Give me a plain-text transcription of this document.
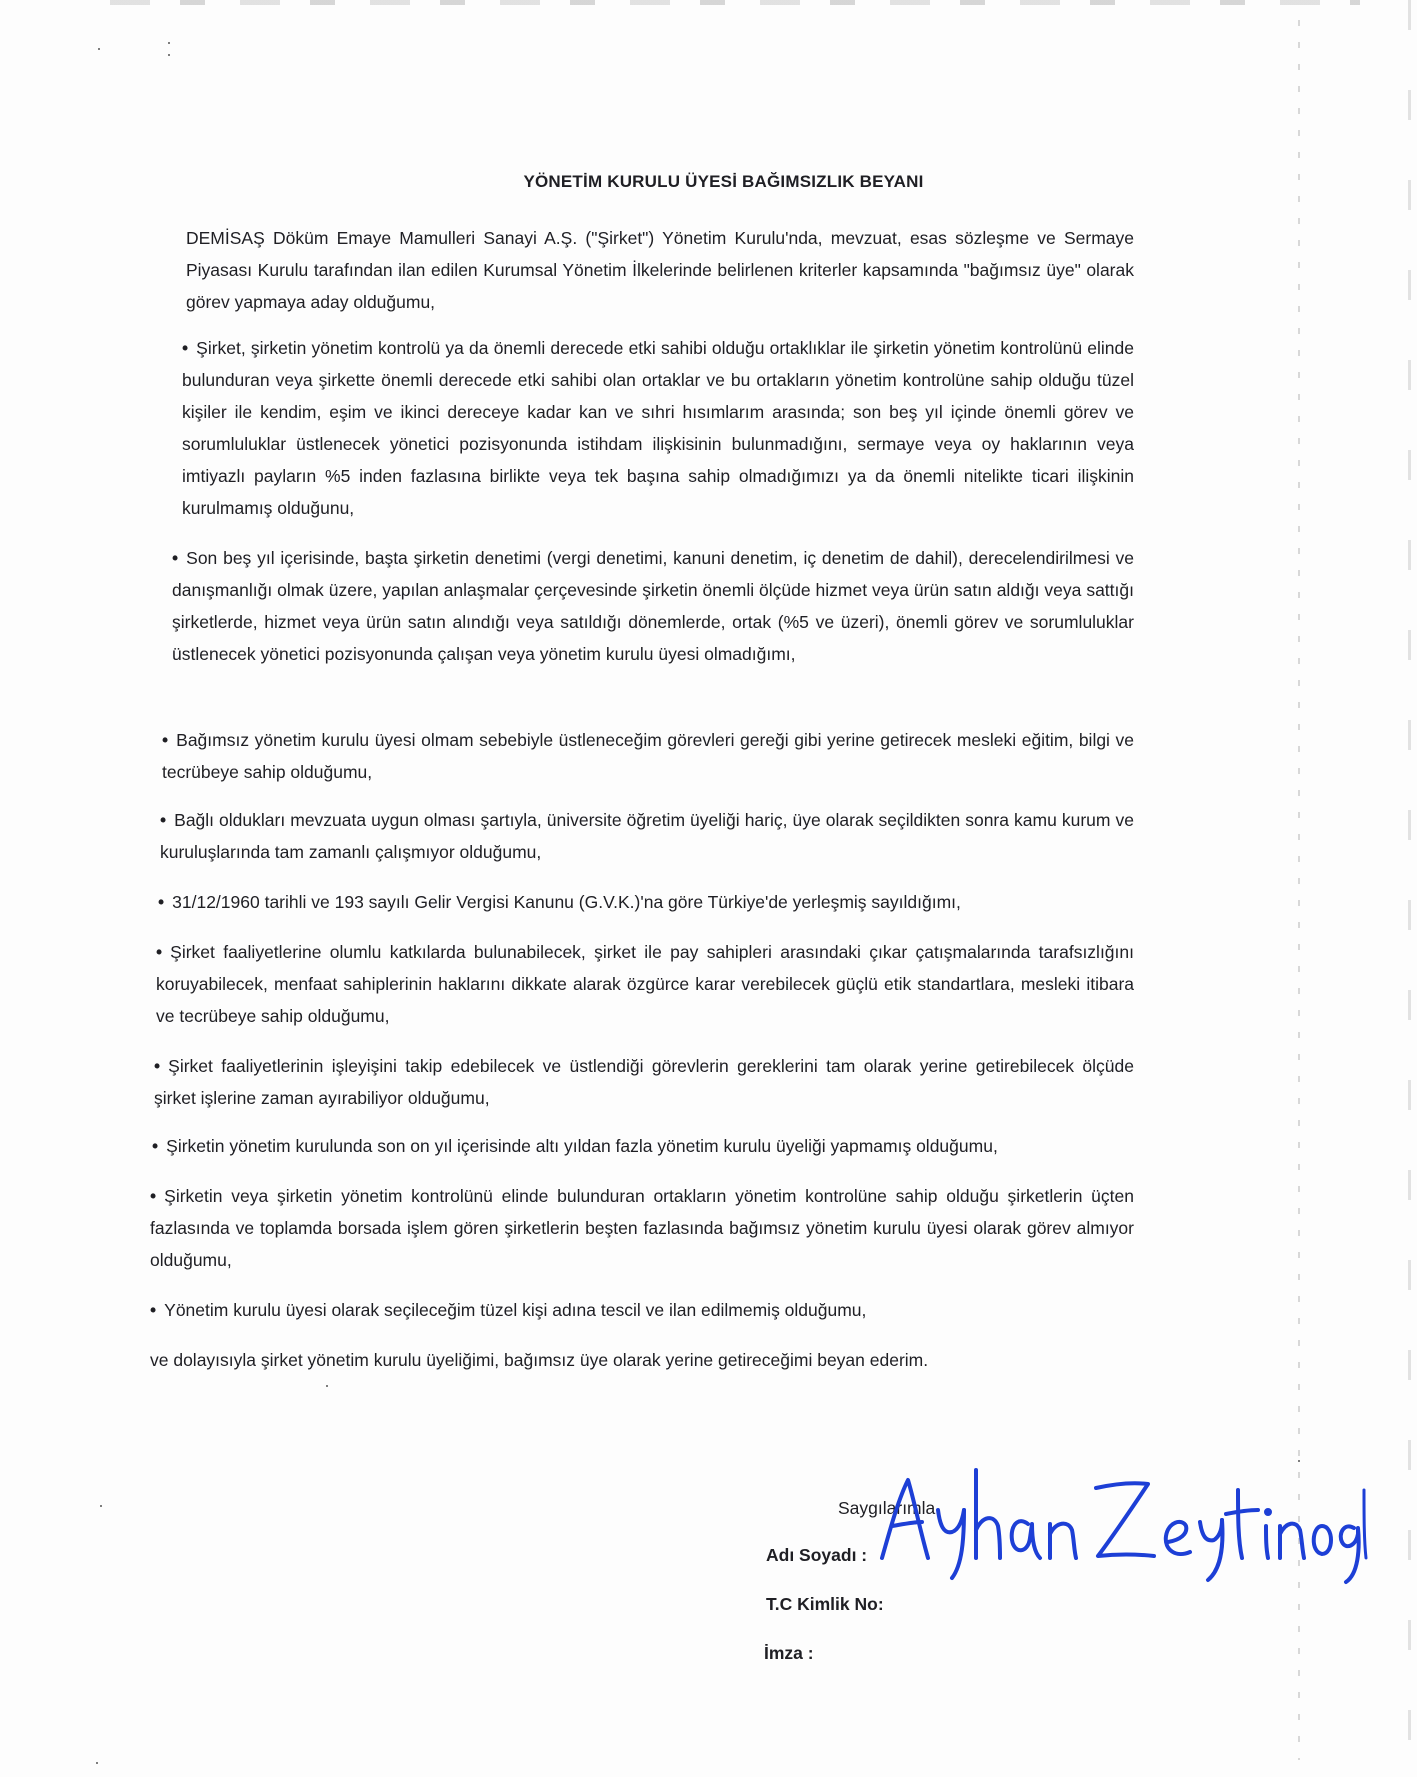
YÖNETİM KURULU ÜYESİ BAĞIMSIZLIK BEYANI
DEMİSAŞ Döküm Emaye Mamulleri Sanayi A.Ş. ("Şirket") Yönetim Kurulu'nda, mevzuat, esas sözleşme ve Sermaye Piyasası Kurulu tarafından ilan edilen Kurumsal Yönetim İlkelerinde belirlenen kriterler kapsamında "bağımsız üye" olarak görev yapmaya aday olduğumu,
• Şirket, şirketin yönetim kontrolü ya da önemli derecede etki sahibi olduğu ortaklıklar ile şirketin yönetim kontrolünü elinde bulunduran veya şirkette önemli derecede etki sahibi olan ortaklar ve bu ortakların yönetim kontrolüne sahip olduğu tüzel kişiler ile kendim, eşim ve ikinci dereceye kadar kan ve sıhri hısımlarım arasında; son beş yıl içinde önemli görev ve sorumluluklar üstlenecek yönetici pozisyonunda istihdam ilişkisinin bulunmadığını, sermaye veya oy haklarının veya imtiyazlı payların %5 inden fazlasına birlikte veya tek başına sahip olmadığımızı ya da önemli nitelikte ticari ilişkinin kurulmamış olduğunu,
• Son beş yıl içerisinde, başta şirketin denetimi (vergi denetimi, kanuni denetim, iç denetim de dahil), derecelendirilmesi ve danışmanlığı olmak üzere, yapılan anlaşmalar çerçevesinde şirketin önemli ölçüde hizmet veya ürün satın aldığı veya sattığı şirketlerde, hizmet veya ürün satın alındığı veya satıldığı dönemlerde, ortak (%5 ve üzeri), önemli görev ve sorumluluklar üstlenecek yönetici pozisyonunda çalışan veya yönetim kurulu üyesi olmadığımı,
• Bağımsız yönetim kurulu üyesi olmam sebebiyle üstleneceğim görevleri gereği gibi yerine getirecek mesleki eğitim, bilgi ve tecrübeye sahip olduğumu,
• Bağlı oldukları mevzuata uygun olması şartıyla, üniversite öğretim üyeliği hariç, üye olarak seçildikten sonra kamu kurum ve kuruluşlarında tam zamanlı çalışmıyor olduğumu,
• 31/12/1960 tarihli ve 193 sayılı Gelir Vergisi Kanunu (G.V.K.)'na göre Türkiye'de yerleşmiş sayıldığımı,
• Şirket faaliyetlerine olumlu katkılarda bulunabilecek, şirket ile pay sahipleri arasındaki çıkar çatışmalarında tarafsızlığını koruyabilecek, menfaat sahiplerinin haklarını dikkate alarak özgürce karar verebilecek güçlü etik standartlara, mesleki itibara ve tecrübeye sahip olduğumu,
• Şirket faaliyetlerinin işleyişini takip edebilecek ve üstlendiği görevlerin gereklerini tam olarak yerine getirebilecek ölçüde şirket işlerine zaman ayırabiliyor olduğumu,
• Şirketin yönetim kurulunda son on yıl içerisinde altı yıldan fazla yönetim kurulu üyeliği yapmamış olduğumu,
• Şirketin veya şirketin yönetim kontrolünü elinde bulunduran ortakların yönetim kontrolüne sahip olduğu şirketlerin üçten fazlasında ve toplamda borsada işlem gören şirketlerin beşten fazlasında bağımsız yönetim kurulu üyesi olarak görev almıyor olduğumu,
• Yönetim kurulu üyesi olarak seçileceğim tüzel kişi adına tescil ve ilan edilmemiş olduğumu,
ve dolayısıyla şirket yönetim kurulu üyeliğimi, bağımsız üye olarak yerine getireceğimi beyan ederim.
Saygılarımla,
Adı Soyadı :
T.C Kimlik No:
İmza :
